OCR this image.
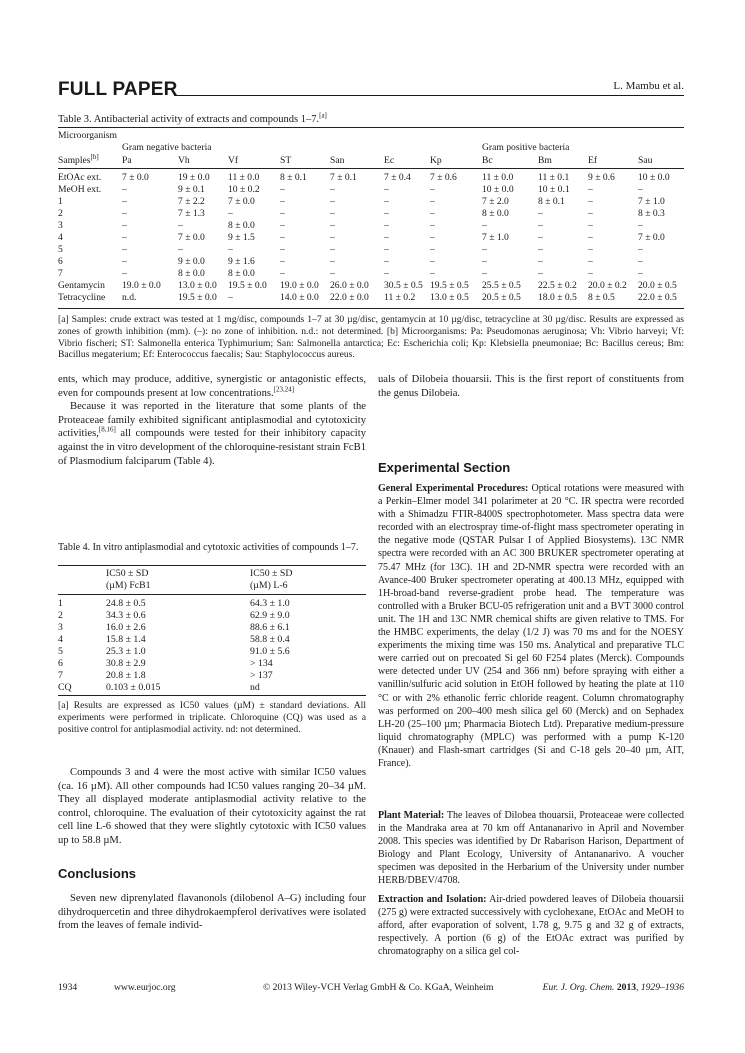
FULL PAPER	L. Mambu et al.
Table 3. Antibacterial activity of extracts and compounds 1–7.[a]
Microorganism
Gram negative bacteria	Gram positive bacteria
Samples[b] Pa	Vh	Vf	ST	San	Ec	Kp	Bc	Bm	Ef	Sau
EtOAc ext. 7 ± 0.0	19 ± 0.0 11 ± 0.0 8 ± 0.1 7 ± 0.1	7 ± 0.4 7 ± 0.6	11 ± 0.0	11 ± 0.1 9 ± 0.6 10 ± 0.0
MeOH ext. –	9 ± 0.1 10 ± 0.2 –	–	–	–	10 ± 0.0	10 ± 0.1 –	–
1	–	7 ± 2.2 7 ± 0.0	–	–	–	–	7 ± 2.0	8 ± 0.1 –	7 ± 1.0
2	–	7 ± 1.3 –	–	–	–	–	8 ± 0.0	–	–	8 ± 0.3
3	–	–	8 ± 0.0	–	–	–	–	–	–	–	–
4	–	7 ± 0.0 9 ± 1.5	–	–	–	–	7 ± 1.0	–	–	7 ± 0.0
5	–	–	–	–	–	–	–	–	–	–	–
6	–	9 ± 0.0 9 ± 1.6	–	–	–	–	–	–	–	–
7	–	8 ± 0.0 8 ± 0.0	–	–	–	–	–	–	–	–
Gentamycin 19.0 ± 0.0 13.0 ± 0.0 19.5 ± 0.0 19.0 ± 0.0 26.0 ± 0.0 30.5 ± 0.5 19.5 ± 0.5 25.5 ± 0.5 22.5 ± 0.2 20.0 ± 0.2 20.0 ± 0.5
Tetracycline n.d.	19.5 ± 0.0 –	14.0 ± 0.0 22.0 ± 0.0 11 ± 0.2 13.0 ± 0.5 20.5 ± 0.5 18.0 ± 0.5 8 ± 0.5 22.0 ± 0.5
[a] Samples: crude extract was tested at 1 mg/disc, compounds 1–7 at 30 µg/disc, gentamycin at 10 µg/disc, tetracycline at 30 µg/disc. Results are expressed as zones of growth inhibition (mm). (–): no zone of inhibition. n.d.: not determined. [b] Microorganisms: Pa: Pseudomonas aeruginosa; Vh: Vibrio harveyi; Vf: Vibrio fischeri; ST: Salmonella enterica Typhimurium; San: Salmonella antarctica; Ec: Escherichia coli; Kp: Klebsiella pneumoniae; Bc: Bacillus cereus; Bm: Bacillus megaterium; Ef: Enterococcus faecalis; Sau: Staphylococcus aureus.

ents, which may produce, additive, synergistic or antagonistic effects, even for compounds present at low concentrations.[23,24]

Because it was reported in the literature that some plants of the Proteaceae family exhibited significant antiplasmodial and cytotoxicity activities,[8,16] all compounds were tested for their inhibitory capacity against the in vitro development of the chloroquine-resistant strain FcB1 of Plasmodium falciparum (Table 4).

Table 4. In vitro antiplasmodial and cytotoxic activities of compounds 1–7.
IC50 ± SD	IC50 ± SD
(µM) FcB1	(µM) L-6
1	24.8 ± 0.5	64.3 ± 1.0
2	34.3 ± 0.6	62.9 ± 9.0
3	16.0 ± 2.6	88.6 ± 6.1
4	15.8 ± 1.4	58.8 ± 0.4
5	25.3 ± 1.0	91.0 ± 5.6
6	30.8 ± 2.9	> 134
7	20.8 ± 1.8	> 137
CQ	0.103 ± 0.015	nd
[a] Results are expressed as IC50 values (µM) ± standard deviations. All experiments were performed in triplicate. Chloroquine (CQ) was used as a positive control for antiplasmodial activity. nd: not determined.
Compounds 3 and 4 were the most active with similar IC50 values (ca. 16 µM). All other compounds had IC50 values ranging 20–34 µM. They all displayed moderate antiplasmodial activity relative to the control, chloroquine. The evaluation of their cytotoxicity against the rat cell line L-6 showed that they were slightly cytotoxic with IC50 values up to 58.8 µM.
Conclusions
Seven new diprenylated flavanonols (dilobenol A–G) including four dihydroquercetin and three dihydrokaempferol derivatives were isolated from the leaves of female individ-
uals of Dilobeia thouarsii. This is the first report of constituents from the genus Dilobeia.
Experimental Section
General Experimental Procedures: Optical rotations were measured with a Perkin–Elmer model 341 polarimeter at 20 °C. IR spectra were recorded with a Shimadzu FTIR-8400S spectrophotometer. Mass spectra data were recorded with an electrospray time-of-flight mass spectrometer operating in the negative mode (QSTAR Pulsar I of Applied Biosystems). 13C NMR spectra were recorded with an AC 300 BRUKER spectrometer operating at 75.47 MHz (for 13C). 1H and 2D-NMR spectra were recorded with an Avance-400 Bruker spectrometer operating at 400.13 MHz, equipped with 1H-broad-band reverse-gradient probe head. The temperature was controlled with a Bruker BCU-05 refrigeration unit and a BVT 3000 control unit. The 1H and 13C NMR chemical shifts are given relative to TMS. For the HMBC experiments, the delay (1/2 J) was 70 ms and for the NOESY experiments the mixing time was 150 ms. Analytical and preparative TLC were carried out on precoated Si gel 60 F254 plates (Merck). Compounds were detected under UV (254 and 366 nm) before spraying with either a vanillin/sulfuric acid solution in EtOH followed by heating the plate at 110 °C or with 2% ethanolic ferric chloride reagent. Column chromatography was performed on 200–400 mesh silica gel 60 (Merck) and on Sephadex LH-20 (25–100 µm; Pharmacia Biotech Ltd). Preparative medium-pressure liquid chromatography (MPLC) was performed with a pump K-120 (Knauer) and Flash-smart cartridges (Si and C-18 gels 20–40 µm, AIT, France).
Plant Material: The leaves of Dilobea thouarsii, Proteaceae were collected in the Mandraka area at 70 km off Antananarivo in April and November 2008. This species was identified by Dr Rabarison Harison, Department of Biology and Plant Ecology, University of Antananarivo. A voucher specimen was deposited in the Herbarium of the University under number HERB/DBEV/4708.
Extraction and Isolation: Air-dried powdered leaves of Dilobeia thouarsii (275 g) were extracted successively with cyclohexane, EtOAc and MeOH to afford, after evaporation of solvent, 1.78 g, 9.75 g and 32 g of extracts, respectively. A portion (6 g) of the EtOAc extract was purified by chromatography on a silica gel col-
1934	www.eurjoc.org	© 2013 Wiley-VCH Verlag GmbH & Co. KGaA, Weinheim	Eur. J. Org. Chem. 2013, 1929–1936
